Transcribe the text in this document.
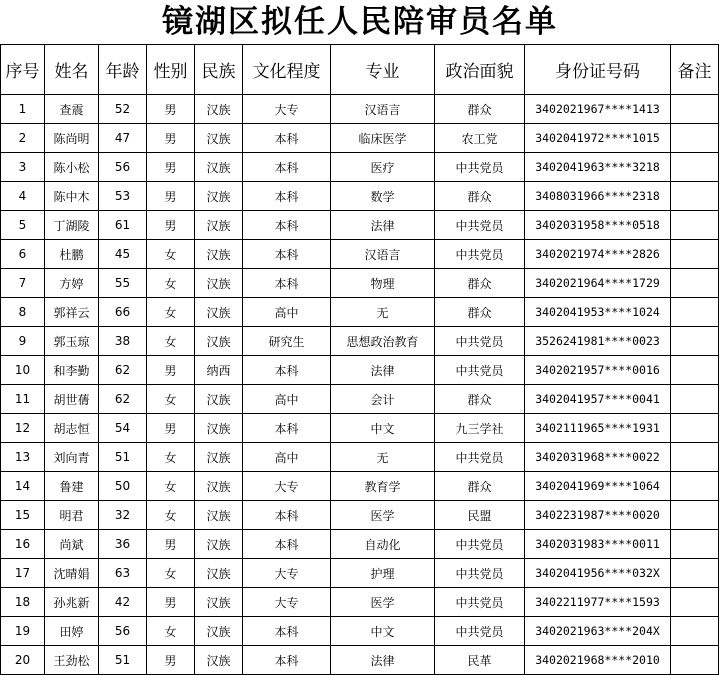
镜湖区拟任人民陪审员名单
序号	姓名	年龄	性别	民族	文化程度	专业	政治面貌	身份证号码	备注
1	查震	52	男	汉族	大专	汉语言	群众	3402021967****1413	
2	陈尚明	47	男	汉族	本科	临床医学	农工党	3402041972****1015	
3	陈小松	56	男	汉族	本科	医疗	中共党员	3402041963****3218	
4	陈中木	53	男	汉族	本科	数学	群众	3408031966****2318	
5	丁湖陵	61	男	汉族	本科	法律	中共党员	3402031958****0518	
6	杜鹏	45	女	汉族	本科	汉语言	中共党员	3402021974****2826	
7	方婷	55	女	汉族	本科	物理	群众	3402021964****1729	
8	郭祥云	66	女	汉族	高中	无	群众	3402041953****1024	
9	郭玉琼	38	女	汉族	研究生	思想政治教育	中共党员	3526241981****0023	
10	和李勤	62	男	纳西	本科	法律	中共党员	3402021957****0016	
11	胡世蒨	62	女	汉族	高中	会计	群众	3402041957****0041	
12	胡志恒	54	男	汉族	本科	中文	九三学社	3402111965****1931	
13	刘向青	51	女	汉族	高中	无	中共党员	3402031968****0022	
14	鲁建	50	女	汉族	大专	教育学	群众	3402041969****1064	
15	明君	32	女	汉族	本科	医学	民盟	3402231987****0020	
16	尚斌	36	男	汉族	本科	自动化	中共党员	3402031983****0011	
17	沈晴娟	63	女	汉族	大专	护理	中共党员	3402041956****032X	
18	孙兆新	42	男	汉族	大专	医学	中共党员	3402211977****1593	
19	田婷	56	女	汉族	本科	中文	中共党员	3402021963****204X	
20	王劲松	51	男	汉族	本科	法律	民革	3402021968****2010	
